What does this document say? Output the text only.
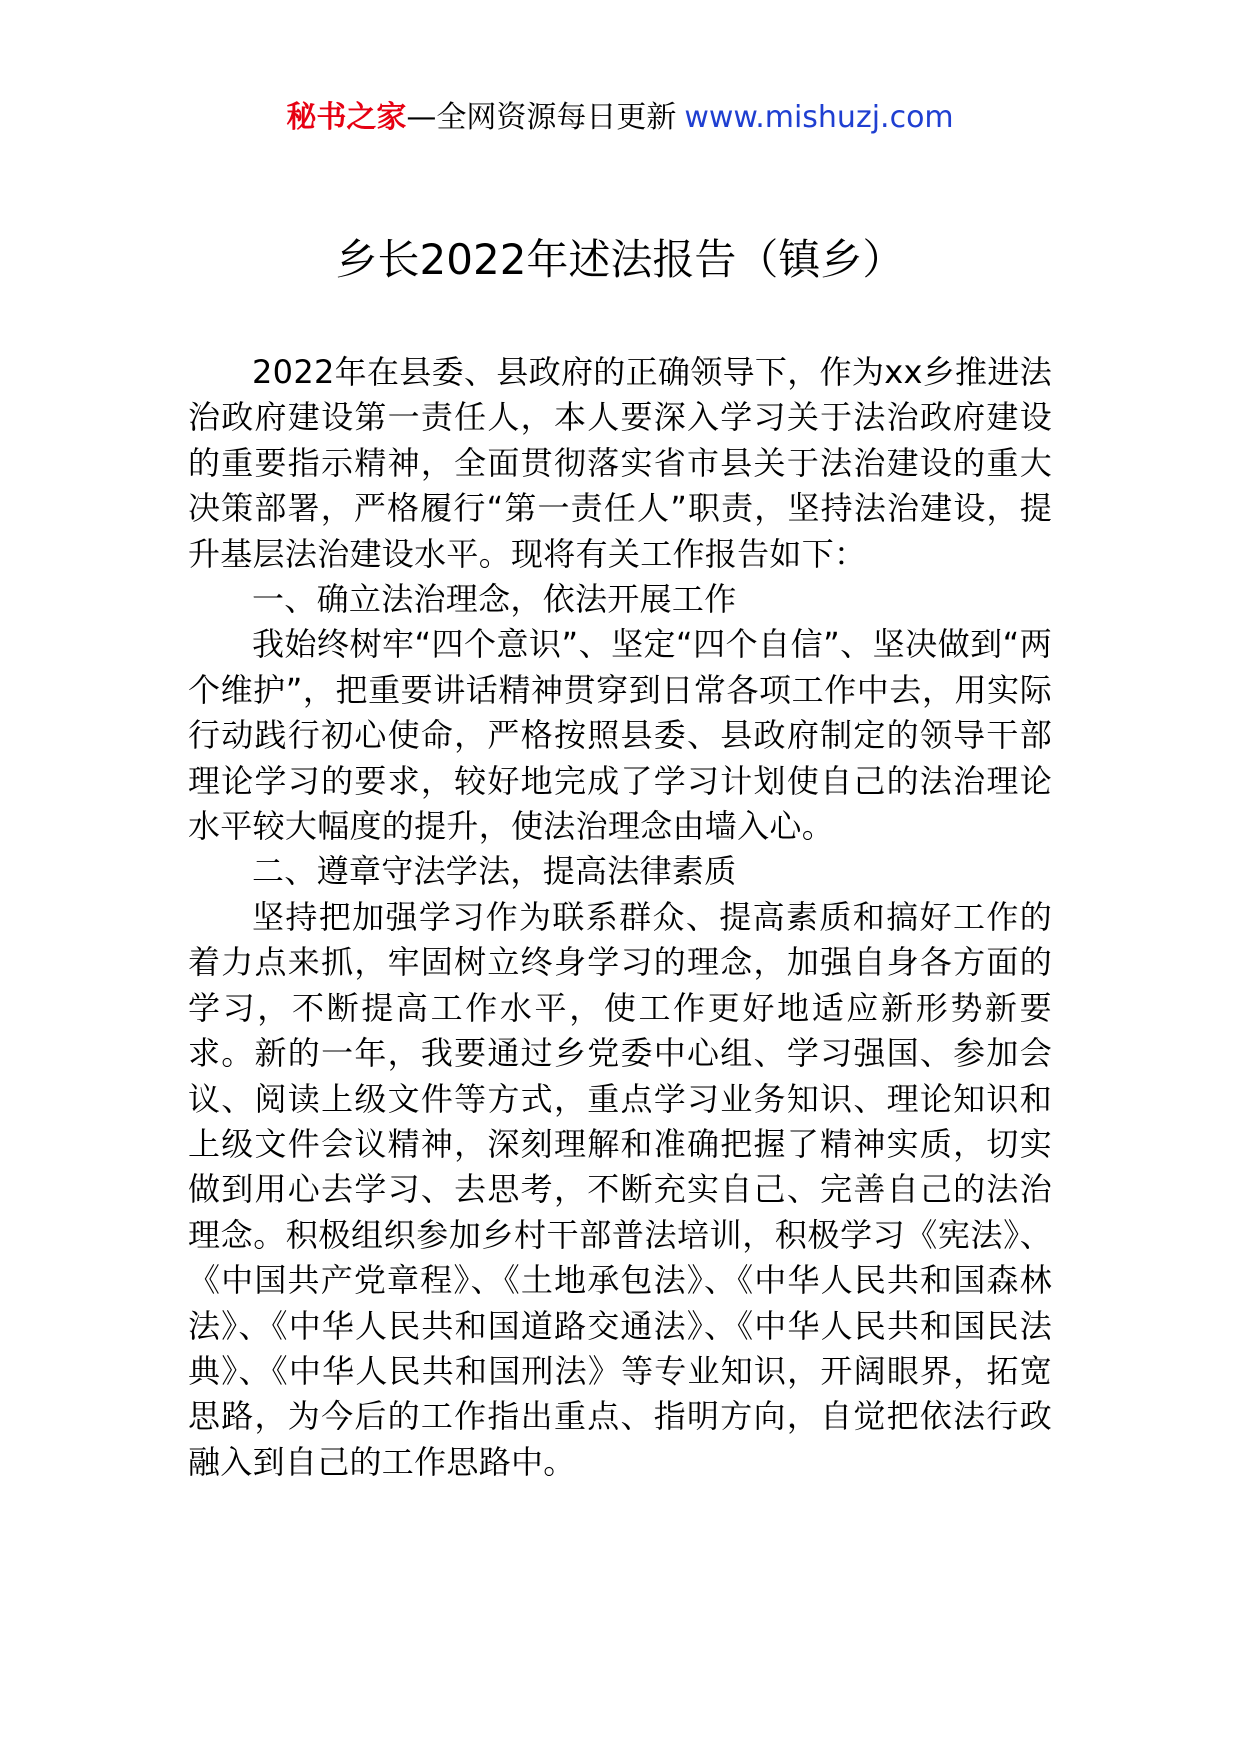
秘书之家—全网资源每日更新 www.mishuzj.com
乡长2022年述法报告（镇乡）

2022年在县委、县政府的正确领导下，作为xx乡推进法治政府建设第一责任人，本人要深入学习关于法治政府建设的重要指示精神，全面贯彻落实省市县关于法治建设的重大决策部署，严格履行“第一责任人”职责，坚持法治建设，提升基层法治建设水平。现将有关工作报告如下：

一、确立法治理念，依法开展工作

我始终树牢“四个意识”、坚定“四个自信”、坚决做到“两个维护”，把重要讲话精神贯穿到日常各项工作中去，用实际行动践行初心使命，严格按照县委、县政府制定的领导干部理论学习的要求，较好地完成了学习计划使自己的法治理论水平较大幅度的提升，使法治理念由墙入心。

二、遵章守法学法，提高法律素质

坚持把加强学习作为联系群众、提高素质和搞好工作的着力点来抓，牢固树立终身学习的理念，加强自身各方面的学习，不断提高工作水平，使工作更好地适应新形势新要求。新的一年，我要通过乡党委中心组、学习强国、参加会议、阅读上级文件等方式，重点学习业务知识、理论知识和上级文件会议精神，深刻理解和准确把握了精神实质，切实做到用心去学习、去思考，不断充实自己、完善自己的法治理念。积极组织参加乡村干部普法培训，积极学习《宪法》、《中国共产党章程》、《土地承包法》、《中华人民共和国森林法》、《中华人民共和国道路交通法》、《中华人民共和国民法典》、《中华人民共和国刑法》等专业知识，开阔眼界，拓宽思路，为今后的工作指出重点、指明方向，自觉把依法行政融入到自己的工作思路中。
